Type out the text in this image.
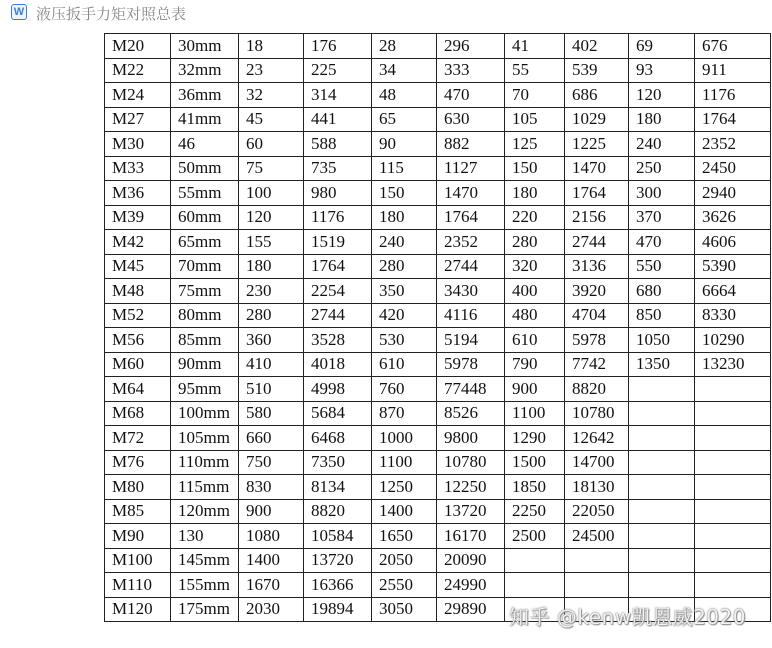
W 液压扳手力矩对照总表
M20	30mm	18	176	28	296	41	402	69	676
M22	32mm	23	225	34	333	55	539	93	911
M24	36mm	32	314	48	470	70	686	120	1176
M27	41mm	45	441	65	630	105	1029	180	1764
M30	46	60	588	90	882	125	1225	240	2352
M33	50mm	75	735	115	1127	150	1470	250	2450
M36	55mm	100	980	150	1470	180	1764	300	2940
M39	60mm	120	1176	180	1764	220	2156	370	3626
M42	65mm	155	1519	240	2352	280	2744	470	4606
M45	70mm	180	1764	280	2744	320	3136	550	5390
M48	75mm	230	2254	350	3430	400	3920	680	6664
M52	80mm	280	2744	420	4116	480	4704	850	8330
M56	85mm	360	3528	530	5194	610	5978	1050	10290
M60	90mm	410	4018	610	5978	790	7742	1350	13230
M64	95mm	510	4998	760	77448	900	8820		
M68	100mm	580	5684	870	8526	1100	10780		
M72	105mm	660	6468	1000	9800	1290	12642		
M76	110mm	750	7350	1100	10780	1500	14700		
M80	115mm	830	8134	1250	12250	1850	18130		
M85	120mm	900	8820	1400	13720	2250	22050		
M90	130	1080	10584	1650	16170	2500	24500		
M100	145mm	1400	13720	2050	20090				
M110	155mm	1670	16366	2550	24990				
M120	175mm	2030	19894	3050	29890				知乎 @kenw凯恩威2020
